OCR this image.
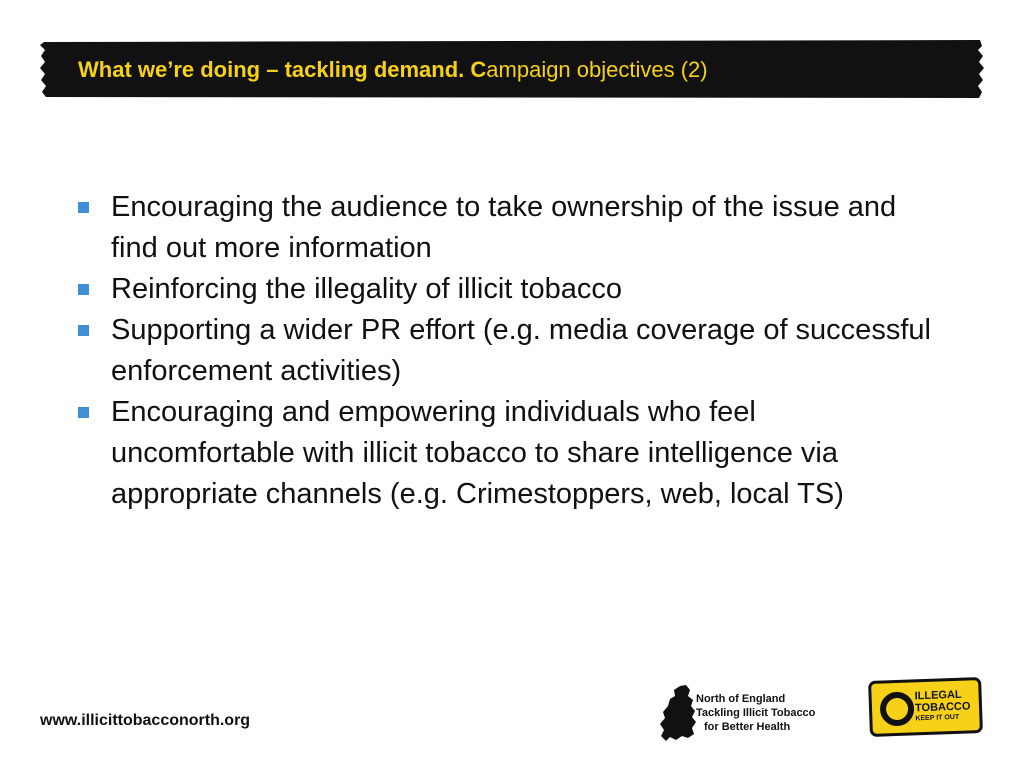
What we’re doing – tackling demand. Campaign objectives (2)
Encouraging the audience to take ownership of the issue and find out more information
Reinforcing the illegality of illicit tobacco
Supporting a wider PR effort (e.g. media coverage of successful enforcement activities)
Encouraging and empowering individuals who feel uncomfortable with illicit tobacco to share intelligence via appropriate channels (e.g. Crimestoppers, web, local TS)
www.illicittobacconorth.org
North of England
Tackling Illicit Tobacco
for Better Health
ILLEGAL
TOBACCO
KEEP IT OUT
